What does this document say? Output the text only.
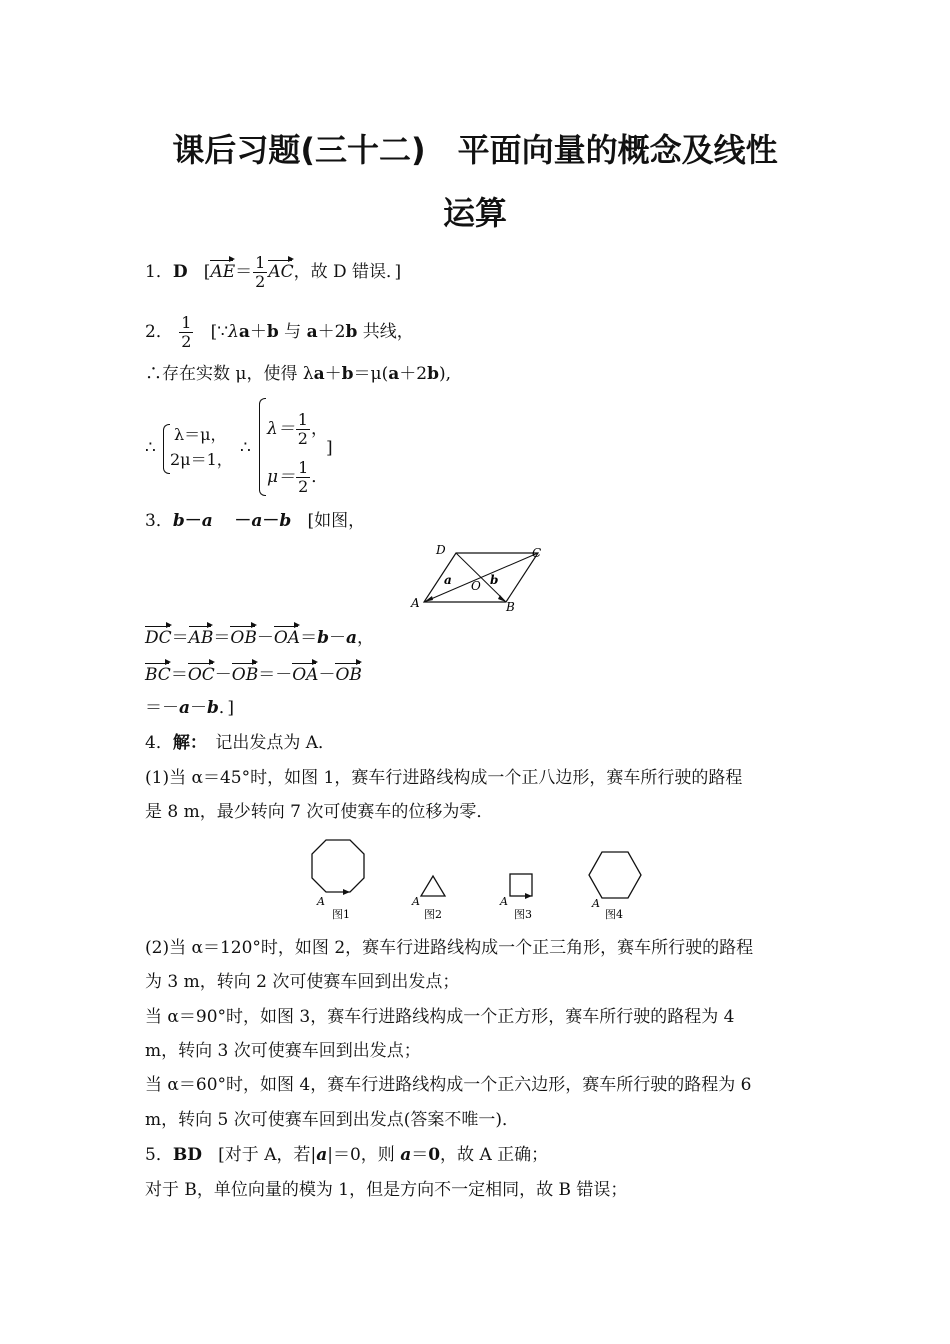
课后习题(三十二)　平面向量的概念及线性
运算
1．D [$AE= \frac{1}{2}$ AC，故 D 错误．]
2． $\frac{1}{2}$ [∵λa＋b 与 a＋2b 共线，
∴存在实数 μ，使得 λa＋b＝μ(a＋2b),
∴
λ＝μ，
2μ＝1，
∴
$\lambda= \frac{1}{2}$ ，
$\mu= \frac{1}{2}$ ．
]
3．b－a －a－b [如图，
D	C
A	B
O
a	b
DC＝AB＝OB－OA＝b－a，
BC＝OC－OB＝－OA－OB
＝－a－b．]
4．解：　记出发点为 A．
(1)当 α＝45°时，如图 1，赛车行进路线构成一个正八边形，赛车所行驶的路程
是 8 m，最少转向 7 次可使赛车的位移为零．
A
图1
A
图2
A
图3
A
图4
(2)当 α＝120°时，如图 2，赛车行进路线构成一个正三角形，赛车所行驶的路程
为 3 m，转向 2 次可使赛车回到出发点；
当 α＝90°时，如图 3，赛车行进路线构成一个正方形，赛车所行驶的路程为 4
m，转向 3 次可使赛车回到出发点；
当 α＝60°时，如图 4，赛车行进路线构成一个正六边形，赛车所行驶的路程为 6
m，转向 5 次可使赛车回到出发点(答案不唯一)．
5．BD [对于 A，若|a|＝0，则 a＝0，故 A 正确；
对于 B，单位向量的模为 1，但是方向不一定相同，故 B 错误；
